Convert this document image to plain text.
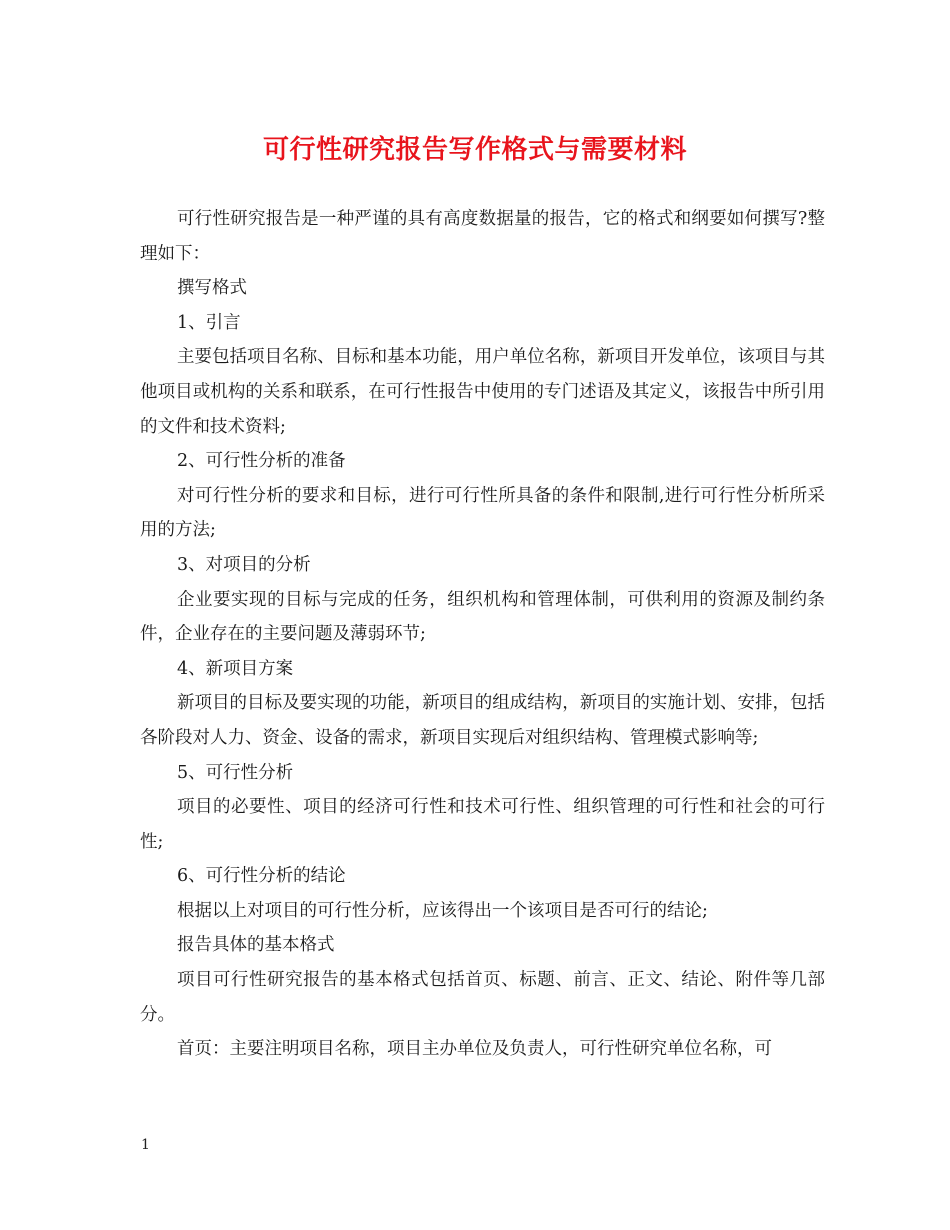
可行性研究报告写作格式与需要材料

可行性研究报告是一种严谨的具有高度数据量的报告，它的格式和纲要如何撰写?整理如下：

撰写格式

1、引言

主要包括项目名称、目标和基本功能，用户单位名称，新项目开发单位，该项目与其他项目或机构的关系和联系，在可行性报告中使用的专门述语及其定义，该报告中所引用的文件和技术资料;

2、可行性分析的准备

对可行性分析的要求和目标，进行可行性所具备的条件和限制,进行可行性分析所采用的方法;

3、对项目的分析

企业要实现的目标与完成的任务，组织机构和管理体制，可供利用的资源及制约条件，企业存在的主要问题及薄弱环节;

4、新项目方案

新项目的目标及要实现的功能，新项目的组成结构，新项目的实施计划、安排，包括各阶段对人力、资金、设备的需求，新项目实现后对组织结构、管理模式影响等;

5、可行性分析

项目的必要性、项目的经济可行性和技术可行性、组织管理的可行性和社会的可行性;

6、可行性分析的结论

根据以上对项目的可行性分析，应该得出一个该项目是否可行的结论;

报告具体的基本格式

项目可行性研究报告的基本格式包括首页、标题、前言、正文、结论、附件等几部分。

首页：主要注明项目名称，项目主办单位及负责人，可行性研究单位名称，可

1
